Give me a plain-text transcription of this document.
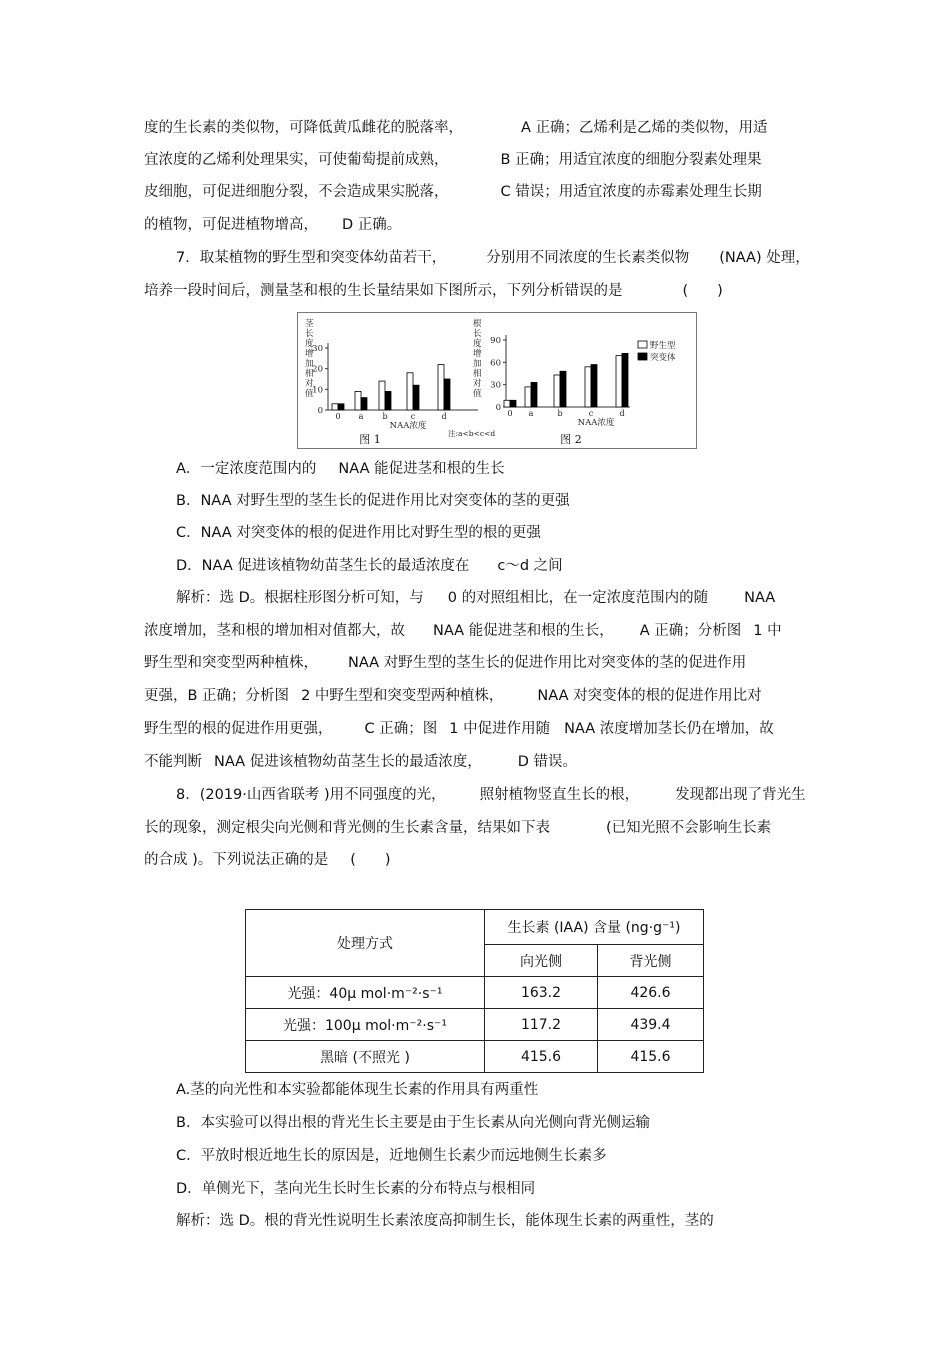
度的生长素的类似物，可降低黄瓜雌花的脱落率，	A 正确；乙烯利是乙烯的类似物，用适
宜浓度的乙烯利处理果实，可使葡萄提前成熟，	B 正确；用适宜浓度的细胞分裂素处理果
皮细胞，可促进细胞分裂，不会造成果实脱落，	C 错误；用适宜浓度的赤霉素处理生长期
的植物，可促进植物增高， D 正确。
7．取某植物的野生型和突变体幼苗若干，	分别用不同浓度的生长素类似物 (NAA) 处理，
培养一段时间后，测量茎和根的生长量结果如下图所示，下列分析错误的是	(　　)
茎长度增加相对值
0
10
20
30
0 a b	c	d
NAA浓度
图 1	注:a<b<c<d
根长度增加相对值
0
30
60
90
0 a	b	c	d
NAA浓度
图 2
野生型
突变体
A．一定浓度范围内的 NAA 能促进茎和根的生长
B．NAA 对野生型的茎生长的促进作用比对突变体的茎的更强
C．NAA 对突变体的根的促进作用比对野生型的根的更强
D．NAA 促进该植物幼苗茎生长的最适浓度在 c～d 之间
解析：选 D。根据柱形图分析可知，与 0 的对照组相比，在一定浓度范围内的随 NAA
浓度增加，茎和根的增加相对值都大，故 NAA 能促进茎和根的生长， A 正确；分析图 1 中
野生型和突变型两种植株， NAA 对野生型的茎生长的促进作用比对突变体的茎的促进作用
更强，B 正确；分析图 2 中野生型和突变型两种植株， NAA 对突变体的根的促进作用比对
野生型的根的促进作用更强， C 正确；图 1 中促进作用随 NAA 浓度增加茎长仍在增加，故
不能判断 NAA 促进该植物幼苗茎生长的最适浓度， D 错误。
8．(2019·山西省联考 )用不同强度的光， 照射植物竖直生长的根， 发现都出现了背光生
长的现象，测定根尖向光侧和背光侧的生长素含量，结果如下表	(已知光照不会影响生长素
的合成 )。下列说法正确的是 (　　)
处理方式	生长素 (IAA) 含量 (ng·g⁻¹)	
	向光侧	背光侧
光强：40μ mol·m⁻²·s⁻¹	163.2	426.6
光强：100μ mol·m⁻²·s⁻¹	117.2	439.4
黑暗 (不照光 )	415.6	415.6
A.茎的向光性和本实验都能体现生长素的作用具有两重性
B．本实验可以得出根的背光生长主要是由于生长素从向光侧向背光侧运输
C．平放时根近地生长的原因是，近地侧生长素少而远地侧生长素多
D．单侧光下，茎向光生长时生长素的分布特点与根相同
解析：选 D。根的背光性说明生长素浓度高抑制生长，能体现生长素的两重性，茎的
